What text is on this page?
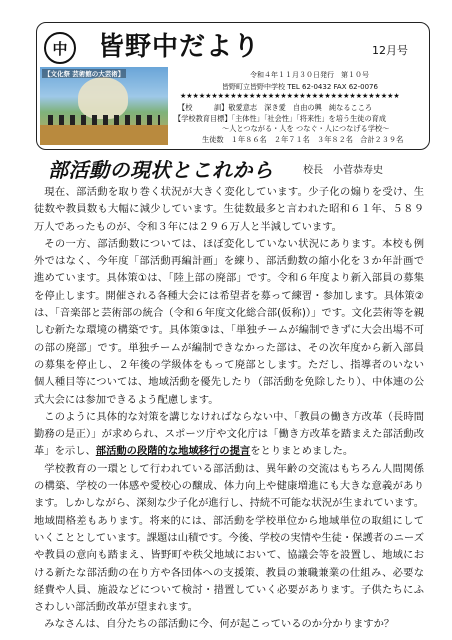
中	皆野中だより	12月号
【文化祭 芸術館の大芸術】	令和４年１１月３０日発行　第１０号
皆野町立皆野中学校 TEL 62-0432 FAX 62-0076
★★★★★★★★★★★★★★★★★★★★★★★★★★★★★★★★★★★
【校　　　訓】敬愛意志　深き愛　自由の興　純なるこころ
【学校教育目標】「主体性」「社会性」「将来性」を培う生徒の育成
～人とつながる・人を つなぐ・人につなげる学校～
生徒数　１年８６名　２年７１名　３年８２名　合計２３９名
部活動の現状とこれから	校長　小菅恭寿史

現在、部活動を取り巻く状況が大きく変化しています。少子化の煽りを受け、生徒数や教員数も大幅に減少しています。生徒数最多と言われた昭和６１年、５８９万人であったものが、令和３年には２９６万人と半減しています。

その一方、部活動数については、ほぼ変化していない状況にあります。本校も例外ではなく、今年度「部活動再編計画」を練り、部活動数の縮小化を３か年計画で進めています。具体策①は、「陸上部の廃部」です。令和６年度より新入部員の募集を停止します。開催される各種大会には希望者を募って練習・参加します。具体策②は、「音楽部と芸術部の統合（令和６年度文化総合部(仮称)）」です。文化芸術等を親しむ新たな環境の構築です。具体策③は、「単独チームが編制できずに大会出場不可の部の廃部」です。単独チームが編制できなかった部は、その次年度から新入部員の募集を停止し、２年後の学級体をもって廃部とします。ただし、指導者のいない個人種目等については、地域活動を優先したり（部活動を免除したり）、中体連の公式大会には参加できるよう配慮します。

このように具体的な対策を講じなければならない中、「教員の働き方改革（長時間勤務の是正）」が求められ、スポーツ庁や文化庁は「働き方改革を踏まえた部活動改革」を示し、部活動の段階的な地域移行の提言をとりまとめました。

学校教育の一環として行われている部活動は、異年齢の交流はもちろん人間関係の構築、学校の一体感や愛校心の醸成、体力向上や健康増進にも大きな意義があります。しかしながら、深刻な少子化が進行し、持続不可能な状況が生まれています。地域間格差もあります。将来的には、部活動を学校単位から地域単位の取組にしていくこととしています。課題は山積です。今後、学校の実情や生徒・保護者のニーズや教員の意向も踏まえ、皆野町や秩父地域において、協議会等を設置し、地域における新たな部活動の在り方や各団体への支援策、教員の兼職兼業の仕組み、必要な経費や人員、施設などについて検討・措置していく必要があります。子供たちにふさわしい部活動改革が望まれます。

みなさんは、自分たちの部活動に今、何が起こっているのか分かりますか？
